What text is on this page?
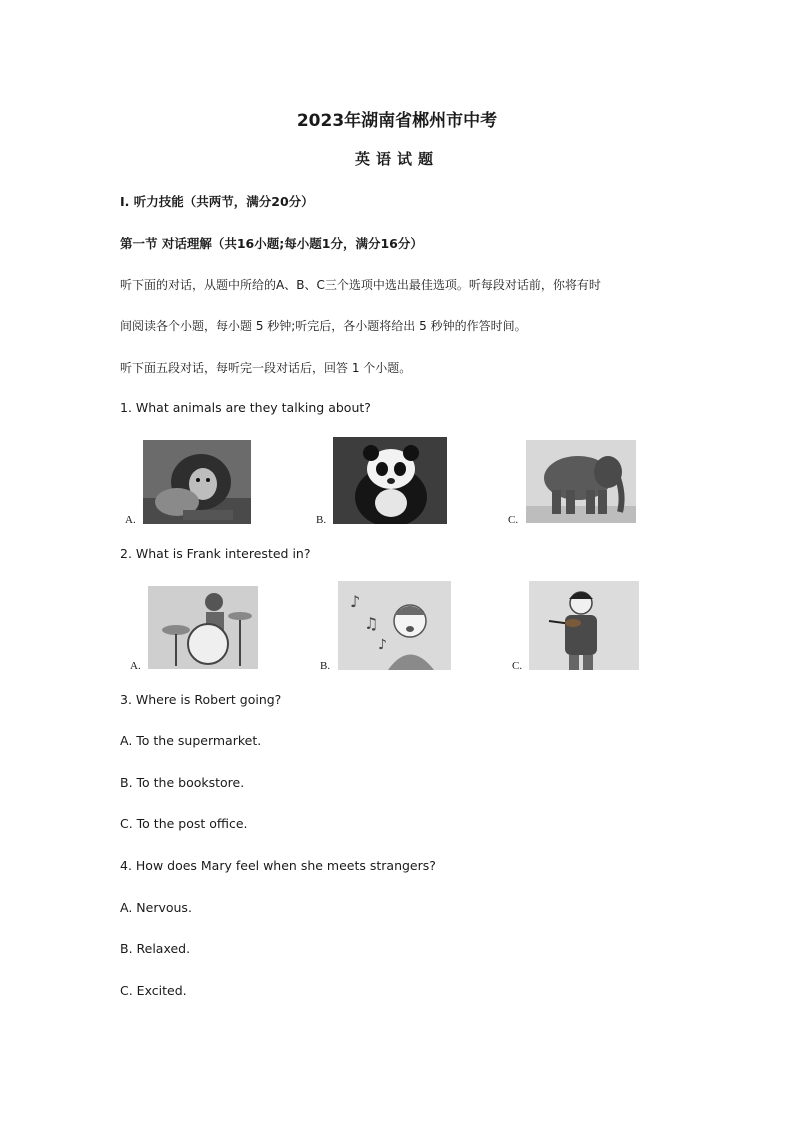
2023年湖南省郴州市中考
英语试题
Ⅰ. 听力技能（共两节，满分20分）
第一节 对话理解（共16小题;每小题1分，满分16分）
听下面的对话，从题中所给的A、B、C三个选项中选出最佳选项。听每段对话前，你将有时
间阅读各个小题，每小题 5 秒钟;听完后，各小题将给出 5 秒钟的作答时间。
听下面五段对话，每听完一段对话后，回答 1 个小题。
1. What animals are they talking about?
A.	B.	C.
2. What is Frank interested in?
A.	B.
♪
♫
♪
C.
3. Where is Robert going?
A. To the supermarket.
B. To the bookstore.
C. To the post office.
4. How does Mary feel when she meets strangers?
A. Nervous.
B. Relaxed.
C. Excited.
